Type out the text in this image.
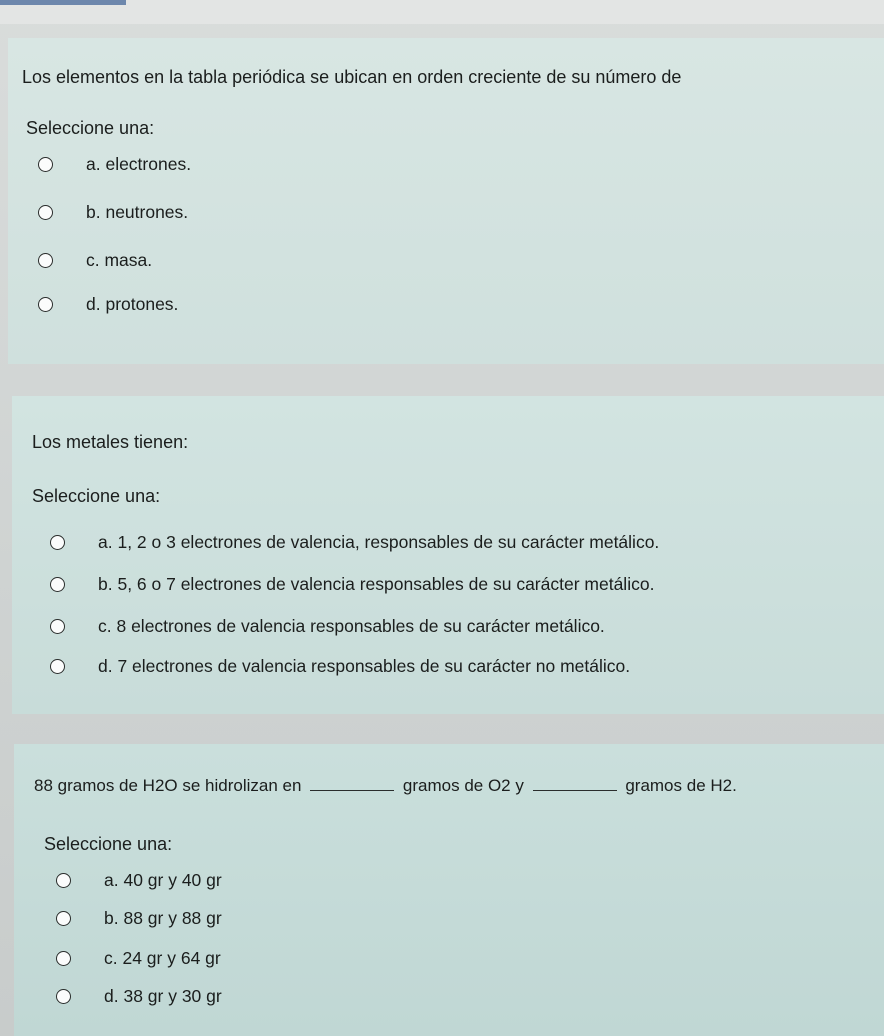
Los elementos en la tabla periódica se ubican en orden creciente de su número de
Seleccione una:
a. electrones.
b. neutrones.
c. masa.
d. protones.
Los metales tienen:
Seleccione una:
a. 1, 2 o 3 electrones de valencia, responsables de su carácter metálico.
b. 5, 6 o 7 electrones de valencia responsables de su carácter metálico.
c. 8 electrones de valencia responsables de su carácter metálico.
d. 7 electrones de valencia responsables de su carácter no metálico.
88 gramos de H2O se hidrolizan en	gramos de O2 y	gramos de H2.
Seleccione una:
a. 40 gr y 40 gr
b. 88 gr y 88 gr
c. 24 gr y 64 gr
d. 38 gr y 30 gr
